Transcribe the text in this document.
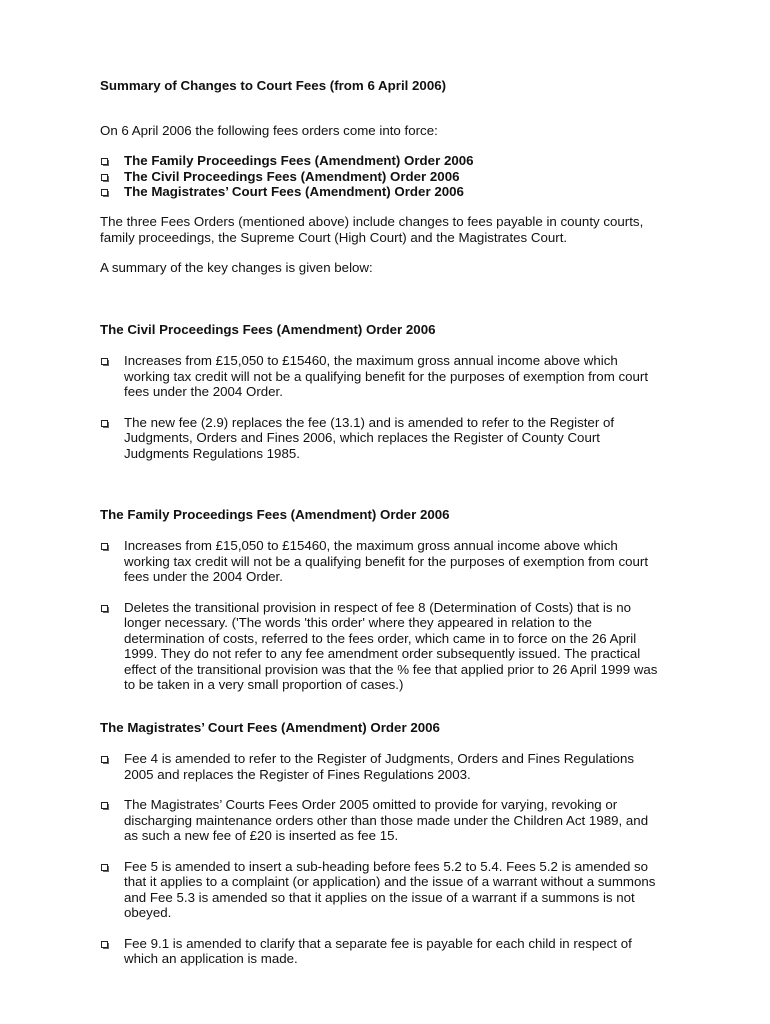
Summary of Changes to Court Fees (from 6 April 2006)

On 6 April 2006 the following fees orders come into force:

The Family Proceedings Fees (Amendment) Order 2006
The Civil Proceedings Fees (Amendment) Order 2006
The Magistrates’ Court Fees (Amendment) Order 2006

The three Fees Orders (mentioned above) include changes to fees payable in county courts, family proceedings, the Supreme Court (High Court) and the Magistrates Court.

A summary of the key changes is given below:

The Civil Proceedings Fees (Amendment) Order 2006

Increases from £15,050 to £15460, the maximum gross annual income above which working tax credit will not be a qualifying benefit for the purposes of exemption from court fees under the 2004 Order.
The new fee (2.9) replaces the fee (13.1) and is amended to refer to the Register of Judgments, Orders and Fines 2006, which replaces the Register of County Court Judgments Regulations 1985.

The Family Proceedings Fees (Amendment) Order 2006

Increases from £15,050 to £15460, the maximum gross annual income above which working tax credit will not be a qualifying benefit for the purposes of exemption from court fees under the 2004 Order.
Deletes the transitional provision in respect of fee 8 (Determination of Costs) that is no longer necessary. ('The words 'this order' where they appeared in relation to the determination of costs, referred to the fees order, which came in to force on the 26 April 1999. They do not refer to any fee amendment order subsequently issued. The practical effect of the transitional provision was that the % fee that applied prior to 26 April 1999 was to be taken in a very small proportion of cases.)

The Magistrates’ Court Fees (Amendment) Order 2006

Fee 4 is amended to refer to the Register of Judgments, Orders and Fines Regulations 2005 and replaces the Register of Fines Regulations 2003.
The Magistrates’ Courts Fees Order 2005 omitted to provide for varying, revoking or discharging maintenance orders other than those made under the Children Act 1989, and as such a new fee of £20 is inserted as fee 15.
Fee 5 is amended to insert a sub-heading before fees 5.2 to 5.4. Fees 5.2 is amended so that it applies to a complaint (or application) and the issue of a warrant without a summons and Fee 5.3 is amended so that it applies on the issue of a warrant if a summons is not obeyed.
Fee 9.1 is amended to clarify that a separate fee is payable for each child in respect of which an application is made.
